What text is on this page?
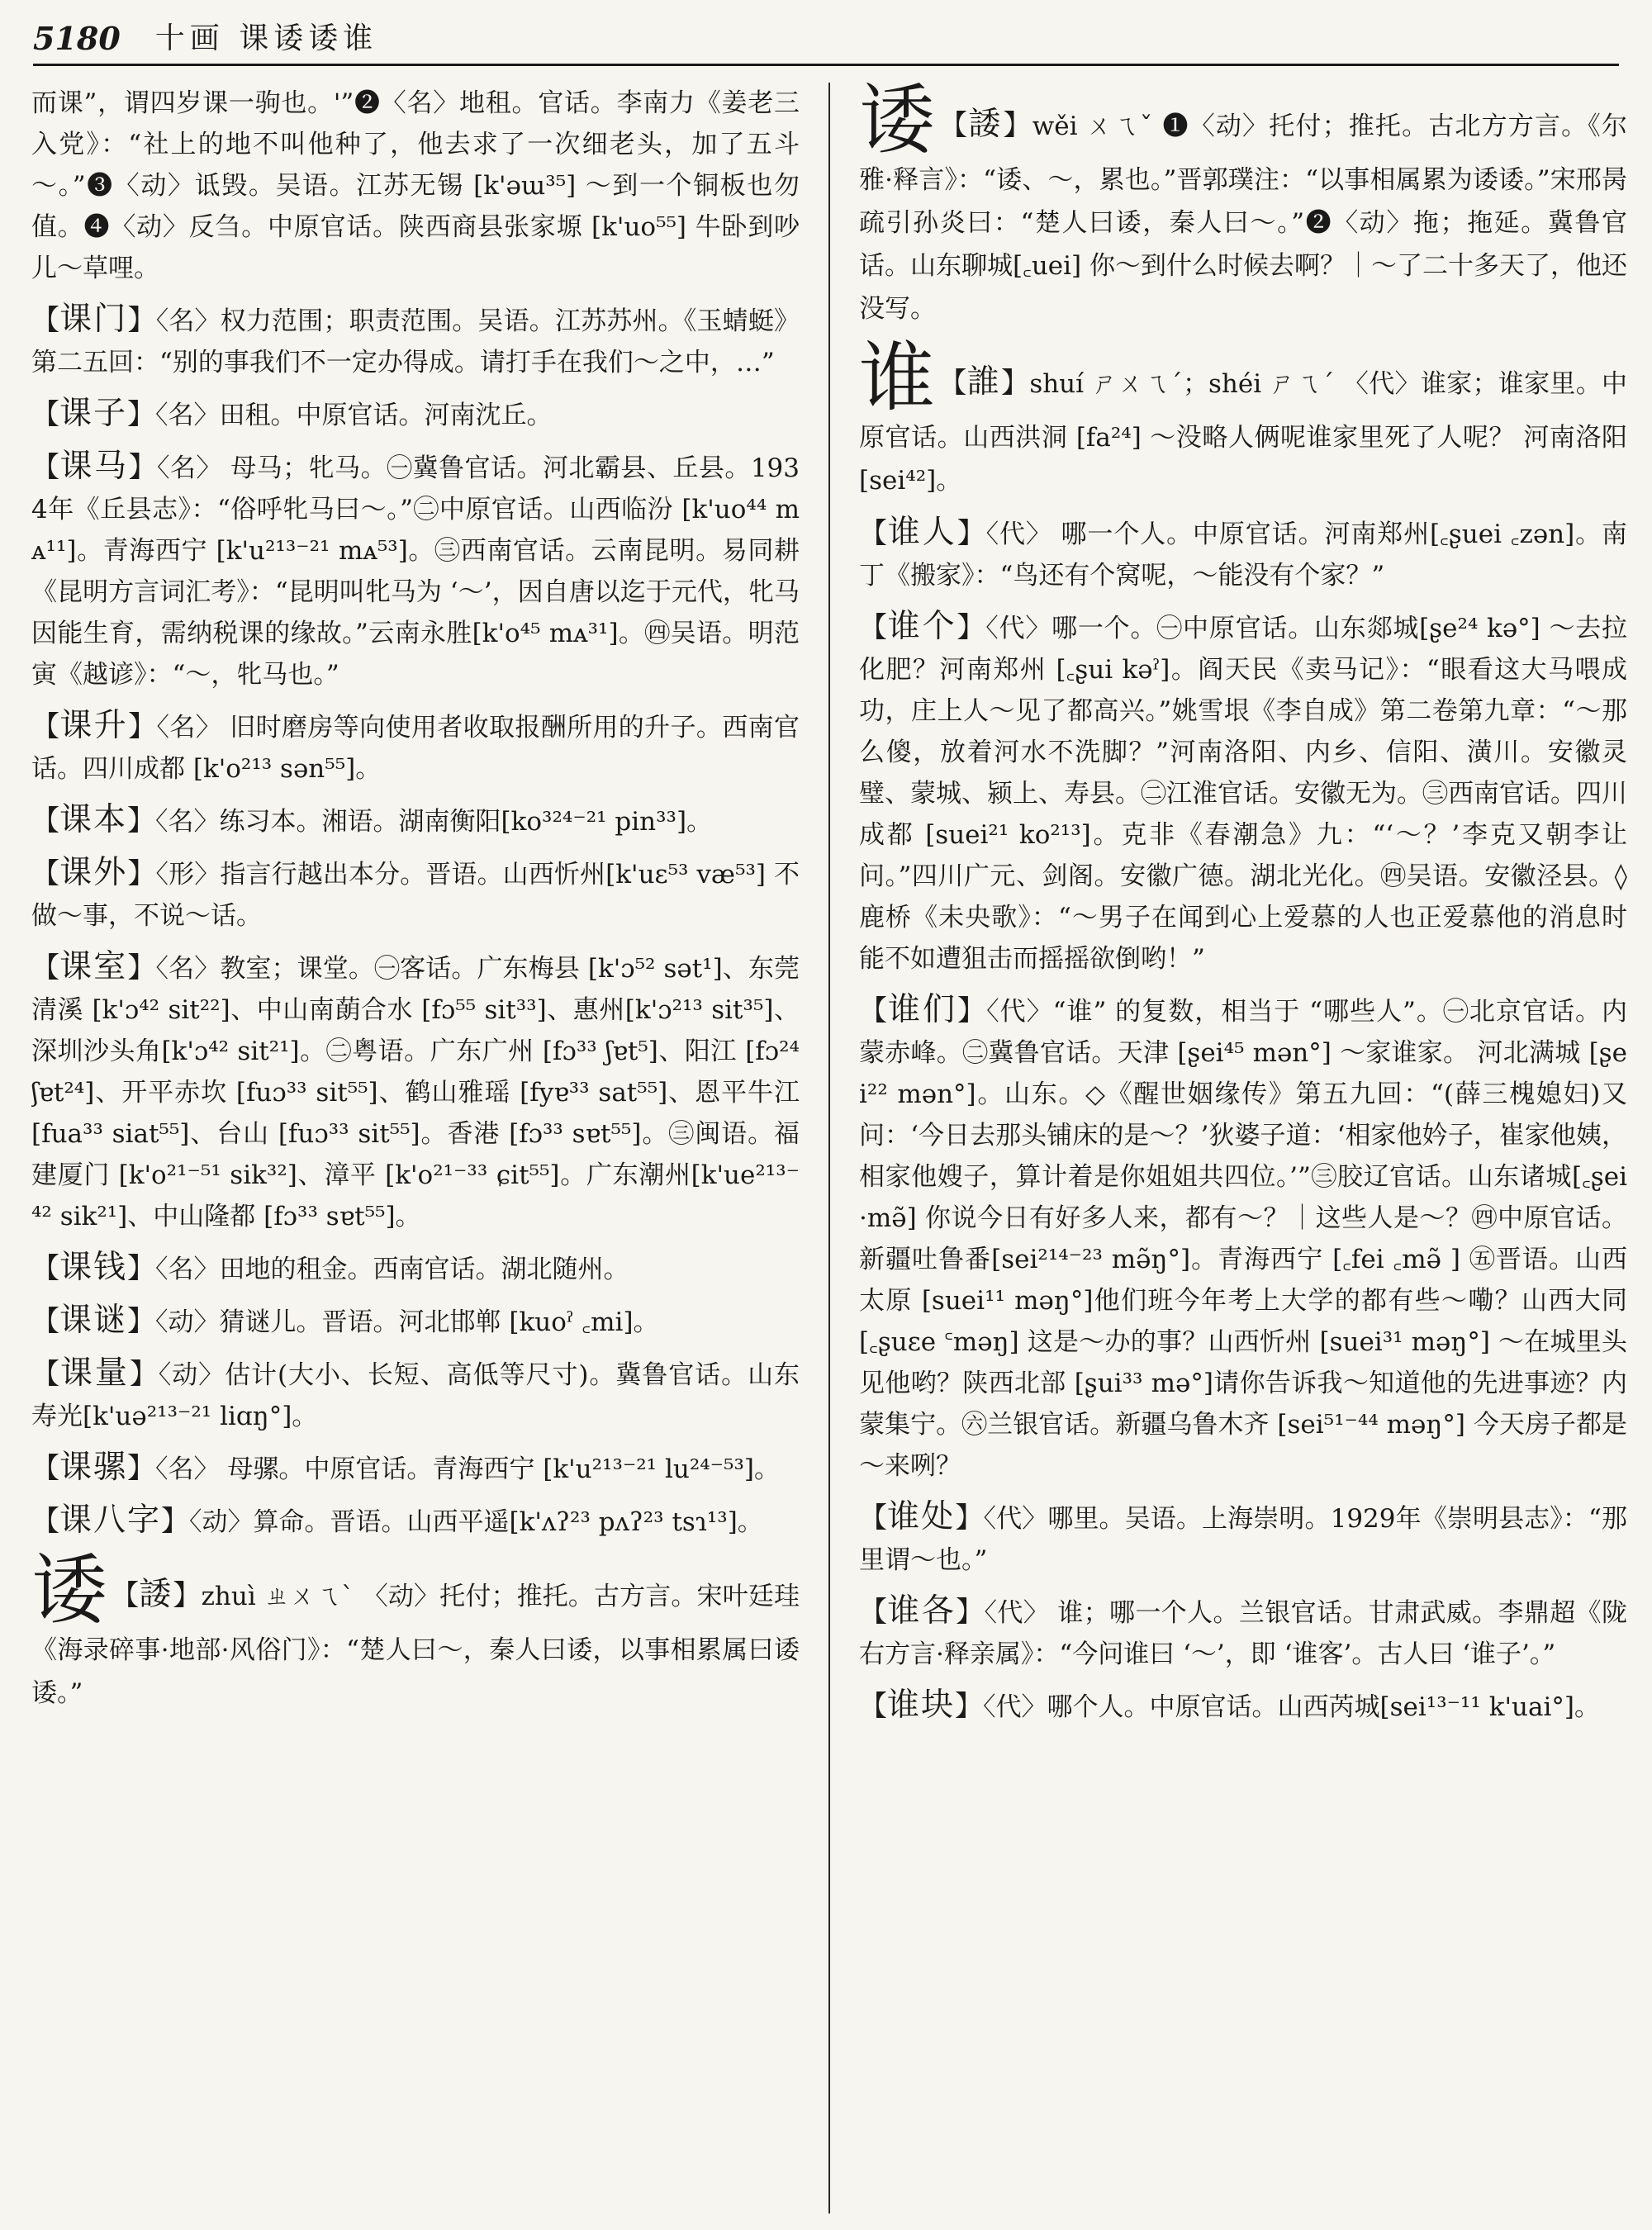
5180 十画 课诿诿谁

而课”，谓四岁课一驹也。'”❷〈名〉地租。官话。李南力《姜老三入党》：“社上的地不叫他种了，他去求了一次细老头，加了五斗～。”❸〈动〉诋毁。吴语。江苏无锡 [k'əɯ³⁵] ～到一个铜板也勿值。❹〈动〉反刍。中原官话。陕西商县张家塬 [k'uo⁵⁵] 牛卧到吵儿～草哩。

【课门】〈名〉权力范围；职责范围。吴语。江苏苏州。《玉蜻蜓》第二五回：“别的事我们不一定办得成。请打手在我们～之中，…”

【课子】〈名〉田租。中原官话。河南沈丘。

【课马】〈名〉 母马；牝马。㊀冀鲁官话。河北霸县、丘县。1934年《丘县志》：“俗呼牝马曰～。”㊁中原官话。山西临汾 [k'uo⁴⁴ mᴀ¹¹]。青海西宁 [k'u²¹³⁻²¹ mᴀ⁵³]。㊂西南官话。云南昆明。易同耕《昆明方言词汇考》：“昆明叫牝马为 ‘～’，因自唐以迄于元代，牝马因能生育，需纳税课的缘故。”云南永胜[k'o⁴⁵ mᴀ³¹]。㊃吴语。明范寅《越谚》：“～，牝马也。”

【课升】〈名〉 旧时磨房等向使用者收取报酬所用的升子。西南官话。四川成都 [k'o²¹³ sən⁵⁵]。

【课本】〈名〉练习本。湘语。湖南衡阳[ko³²⁴⁻²¹ pin³³]。

【课外】〈形〉指言行越出本分。晋语。山西忻州[k'uɛ⁵³ væ⁵³] 不做～事，不说～话。

【课室】〈名〉教室；课堂。㊀客话。广东梅县 [k'ɔ⁵² sət¹]、东莞清溪 [k'ɔ⁴² sit²²]、中山南蓢合水 [fɔ⁵⁵ sit³³]、惠州[k'ɔ²¹³ sit³⁵]、深圳沙头角[k'ɔ⁴² sit²¹]。㊁粤语。广东广州 [fɔ³³ ʃɐt⁵]、阳江 [fɔ²⁴ ʃɐt²⁴]、开平赤坎 [fuɔ³³ sit⁵⁵]、鹤山雅瑶 [fyɐ³³ sat⁵⁵]、恩平牛江 [fua³³ siat⁵⁵]、台山 [fuɔ³³ sit⁵⁵]。香港 [fɔ³³ sɐt⁵⁵]。㊂闽语。福建厦门 [k'o²¹⁻⁵¹ sik³²]、漳平 [k'o²¹⁻³³ ɕit⁵⁵]。广东潮州[k'ue²¹³⁻⁴² sik²¹]、中山隆都 [fɔ³³ sɐt⁵⁵]。

【课钱】〈名〉田地的租金。西南官话。湖北随州。

【课谜】〈动〉猜谜儿。晋语。河北邯郸 [kuoˀ ꜀mi]。

【课量】〈动〉估计(大小、长短、高低等尺寸)。冀鲁官话。山东寿光[k'uə²¹³⁻²¹ liɑŋ°]。

【课骡】〈名〉 母骡。中原官话。青海西宁 [k'u²¹³⁻²¹ lu²⁴⁻⁵³]。

【课八字】〈动〉算命。晋语。山西平遥[k'ʌʔ²³ pʌʔ²³ tsɿ¹³]。

诿 【諉】zhuì ㄓㄨㄟˋ 〈动〉托付；推托。古方言。宋叶廷珪《海录碎事·地部·风俗门》：“楚人曰～，秦人曰诿，以事相累属曰诿诿。”

诿 【諉】wěi ㄨㄟˇ ❶〈动〉托付；推托。古北方方言。《尔雅·释言》：“诿、～，累也。”晋郭璞注：“以事相属累为诿诿。”宋邢昺疏引孙炎曰：“楚人曰诿，秦人曰～。”❷〈动〉拖；拖延。冀鲁官话。山东聊城[꜀uei] 你～到什么时候去啊？｜～了二十多天了，他还没写。

谁 【誰】shuí ㄕㄨㄟˊ；shéi ㄕㄟˊ 〈代〉谁家；谁家里。中原官话。山西洪洞 [fa²⁴] ～没略人俩呢谁家里死了人呢？ 河南洛阳 [sei⁴²]。

【谁人】〈代〉 哪一个人。中原官话。河南郑州[꜀ʂuei ꜀zən]。南丁《搬家》：“鸟还有个窝呢，～能没有个家？”

【谁个】〈代〉哪一个。㊀中原官话。山东郯城[ʂe²⁴ kə°] ～去拉化肥？河南郑州 [꜀ʂui kəˀ]。阎天民《卖马记》：“眼看这大马喂成功，庄上人～见了都高兴。”姚雪垠《李自成》第二卷第九章：“～那么傻，放着河水不洗脚？”河南洛阳、内乡、信阳、潢川。安徽灵璧、蒙城、颍上、寿县。㊁江淮官话。安徽无为。㊂西南官话。四川成都 [suei²¹ ko²¹³]。克非《春潮急》九：“‘～？’李克又朝李让问。”四川广元、剑阁。安徽广德。湖北光化。㊃吴语。安徽泾县。◊鹿桥《未央歌》：“～男子在闻到心上爱慕的人也正爱慕他的消息时能不如遭狙击而摇摇欲倒哟！”

【谁们】〈代〉“谁” 的复数，相当于 “哪些人”。㊀北京官话。内蒙赤峰。㊁冀鲁官话。天津 [ʂei⁴⁵ mən°] ～家谁家。 河北满城 [ʂei²² mən°]。山东。◇《醒世姻缘传》第五九回：“(薛三槐媳妇)又问：‘今日去那头铺床的是～？’狄婆子道：‘相家他妗子，崔家他姨，相家他嫂子，算计着是你姐姐共四位。’”㊂胶辽官话。山东诸城[꜀ʂei ·mə̃] 你说今日有好多人来，都有～？｜这些人是～？㊃中原官话。新疆吐鲁番[sei²¹⁴⁻²³ mə̃ŋ°]。青海西宁 [꜀fei ꜀mə̃ ] ㊄晋语。山西太原 [suei¹¹ məŋ°]他们班今年考上大学的都有些～嘞？山西大同 [꜀ʂuɛe ꜂məŋ] 这是～办的事？山西忻州 [suei³¹ məŋ°] ～在城里头见他哟？陕西北部 [ʂui³³ mə°]请你告诉我～知道他的先进事迹？内蒙集宁。㊅兰银官话。新疆乌鲁木齐 [sei⁵¹⁻⁴⁴ məŋ°] 今天房子都是～来咧？

【谁处】〈代〉哪里。吴语。上海崇明。1929年《崇明县志》：“那里谓～也。”

【谁各】〈代〉 谁；哪一个人。兰银官话。甘肃武威。李鼎超《陇右方言·释亲属》：“今问谁曰 ‘～’，即 ‘谁客’。古人曰 ‘谁子’。”

【谁块】〈代〉哪个人。中原官话。山西芮城[sei¹³⁻¹¹ k'uai°]。
